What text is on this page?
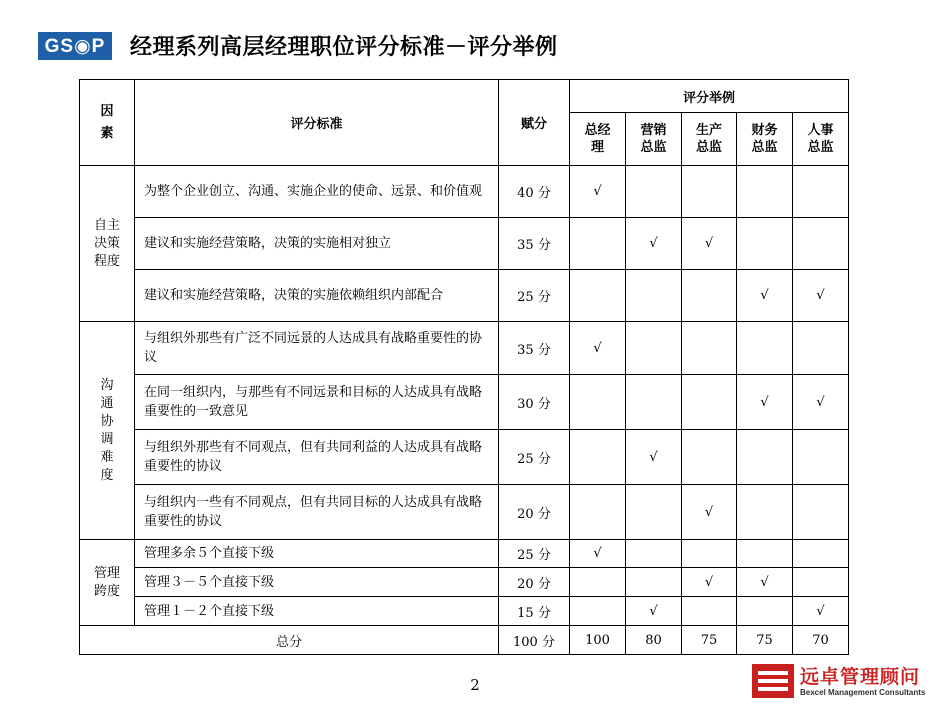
GS◉P 经理系列高层经理职位评分标准－评分举例
因素	评分标准	赋分	评分举例				

			总经理	营销总监	生产总监	财务总监	人事总监

自主决策程度	为整个企业创立、沟通、实施企业的使命、远景、和价值观	40 分	√				
	建议和实施经营策略，决策的实施相对独立	35 分		√	√		
	建议和实施经营策略，决策的实施依赖组织内部配合	25 分				√	√

沟通协调难度	与组织外那些有广泛不同远景的人达成具有战略重要性的协议	35 分	√				
	在同一组织内，与那些有不同远景和目标的人达成具有战略重要性的一致意见	30 分				√	√
	与组织外那些有不同观点，但有共同利益的人达成具有战略重要性的协议	25 分		√			
	与组织内一些有不同观点，但有共同目标的人达成具有战略重要性的协议	20 分			√		

管理跨度	管理多余５个直接下级	25 分	√				
	管理３－５个直接下级	20 分			√	√	
	管理１－２个直接下级	15 分		√			√
总分		100 分	100	80	75	75	70
2	远卓管理顾问
Bexcel Management Consultants
